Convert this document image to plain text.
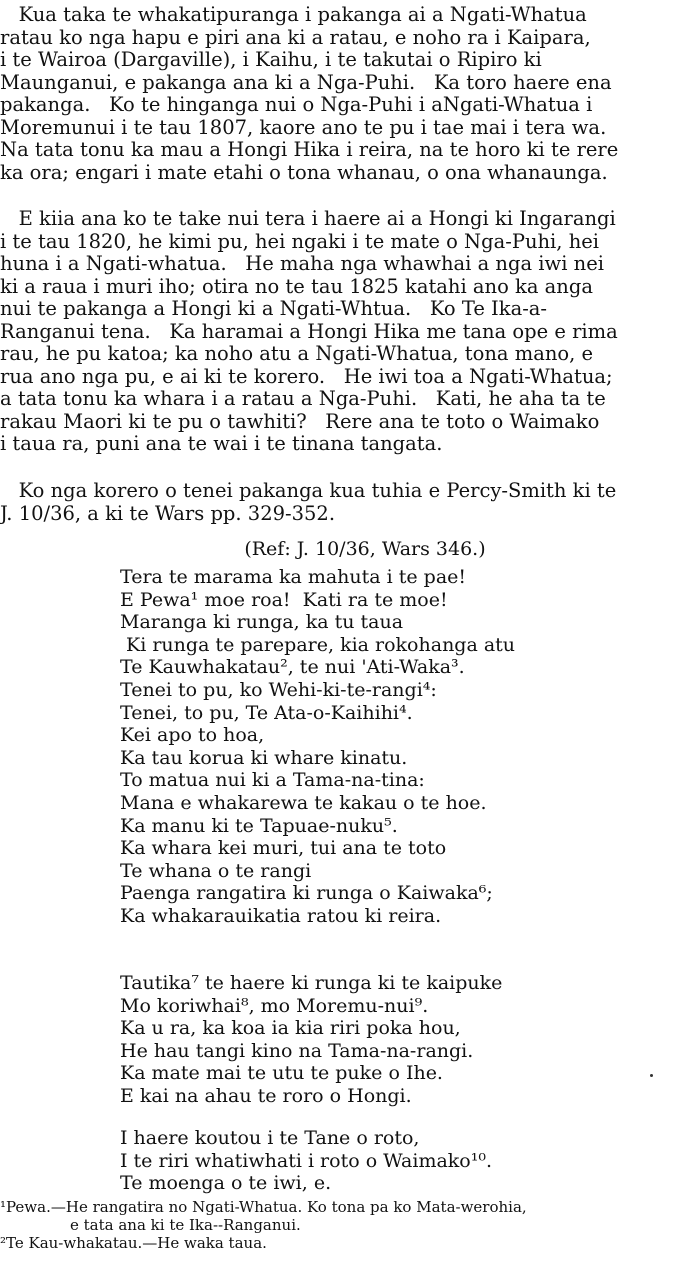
Kua taka te whakatipuranga i pakanga ai a Ngati-Whatua
ratau ko nga hapu e piri ana ki a ratau, e noho ra i Kaipara,
i te Wairoa (Dargaville), i Kaihu, i te takutai o Ripiro ki
Maunganui, e pakanga ana ki a Nga-Puhi.   Ka toro haere ena
pakanga.   Ko te hinganga nui o Nga-Puhi i aNgati-Whatua i
Moremunui i te tau 1807, kaore ano te pu i tae mai i tera wa.
Na tata tonu ka mau a Hongi Hika i reira, na te horo ki te rere
ka ora; engari i mate etahi o tona whanau, o ona whanaunga.

E kiia ana ko te take nui tera i haere ai a Hongi ki Ingarangi
i te tau 1820, he kimi pu, hei ngaki i te mate o Nga-Puhi, hei
huna i a Ngati-whatua.   He maha nga whawhai a nga iwi nei
ki a raua i muri iho; otira no te tau 1825 katahi ano ka anga
nui te pakanga a Hongi ki a Ngati-Whtua.   Ko Te Ika-a-
Ranganui tena.   Ka haramai a Hongi Hika me tana ope e rima
rau, he pu katoa; ka noho atu a Ngati-Whatua, tona mano, e
rua ano nga pu, e ai ki te korero.   He iwi toa a Ngati-Whatua;
a tata tonu ka whara i a ratau a Nga-Puhi.   Kati, he aha ta te
rakau Maori ki te pu o tawhiti?   Rere ana te toto o Waimako
i taua ra, puni ana te wai i te tinana tangata.

Ko nga korero o tenei pakanga kua tuhia e Percy-Smith ki te
J. 10/36, a ki te Wars pp. 329-352.

(Ref: J. 10/36, Wars 346.)

Tera te marama ka mahuta i te pae!
E Pewa¹ moe roa!  Kati ra te moe!
Maranga ki runga, ka tu taua
Ki runga te parepare, kia rokohanga atu
Te Kauwhakatau², te nui 'Ati-Waka³.
Tenei to pu, ko Wehi-ki-te-rangi⁴:
Tenei, to pu, Te Ata-o-Kaihihi⁴.
Kei apo to hoa,
Ka tau korua ki whare kinatu.
To matua nui ki a Tama-na-tina:
Mana e whakarewa te kakau o te hoe.
Ka manu ki te Tapuae-nuku⁵.
Ka whara kei muri, tui ana te toto
Te whana o te rangi
Paenga rangatira ki runga o Kaiwaka⁶;
Ka whakarauikatia ratou ki reira.

Tautika⁷ te haere ki runga ki te kaipuke
Mo koriwhai⁸, mo Moremu-nui⁹.
Ka u ra, ka koa ia kia riri poka hou,
He hau tangi kino na Tama-na-rangi.
Ka mate mai te utu te puke o Ihe.
E kai na ahau te roro o Hongi.

I haere koutou i te Tane o roto,
I te riri whatiwhati i roto o Waimako¹⁰.
Te moenga o te iwi, e.

¹Pewa.—He rangatira no Ngati-Whatua. Ko tona pa ko Mata-werohia,
e tata ana ki te Ika--Ranganui.
²Te Kau-whakatau.—He waka taua.
